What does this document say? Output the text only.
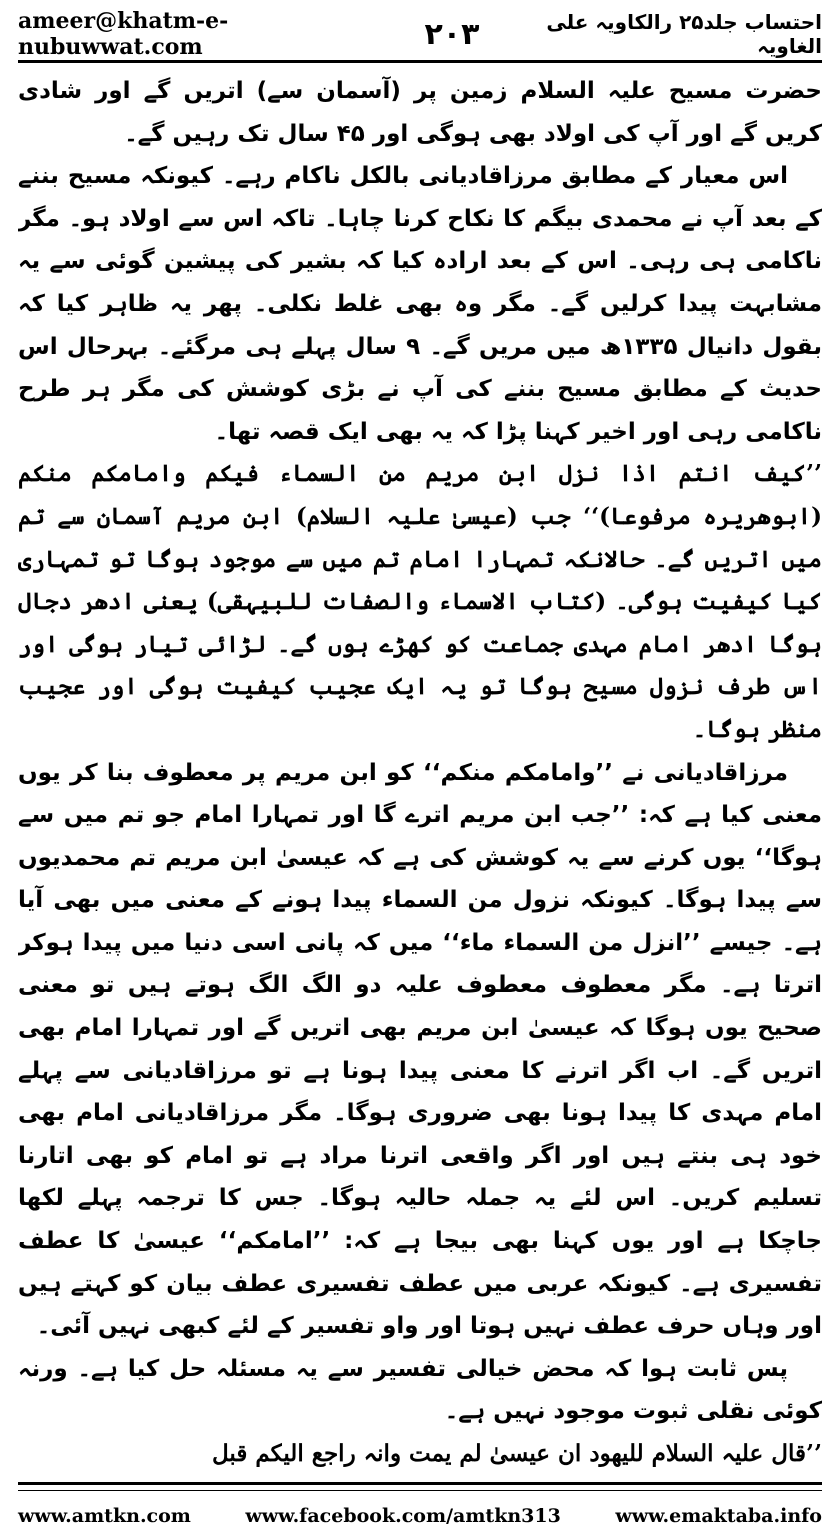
ameer@khatm-e-nubuwwat.com	۲۰۳	احتساب جلد۲۵ رالکاویہ علی الغاویہ

حضرت مسیح علیہ السلام زمین پر (آسمان سے) اتریں گے اور شادی کریں گے اور آپ کی اولاد بھی ہوگی اور ۴۵ سال تک رہیں گے۔

اس معیار کے مطابق مرزاقادیانی بالکل ناکام رہے۔ کیونکہ مسیح بننے کے بعد آپ نے محمدی بیگم کا نکاح کرنا چاہا۔ تاکہ اس سے اولاد ہو۔ مگر ناکامی ہی رہی۔ اس کے بعد ارادہ کیا کہ بشیر کی پیشین گوئی سے یہ مشابہت پیدا کرلیں گے۔ مگر وہ بھی غلط نکلی۔ پھر یہ ظاہر کیا کہ بقول دانیال ۱۳۳۵ھ میں مریں گے۔ ۹ سال پہلے ہی مرگئے۔ بہرحال اس حدیث کے مطابق مسیح بننے کی آپ نے بڑی کوشش کی مگر ہر طرح ناکامی رہی اور اخیر کہنا پڑا کہ یہ بھی ایک قصہ تھا۔

’’کیف انتم اذا نزل ابن مریم من السماء فیکم وامامکم منکم (ابوھریرہ مرفوعا)‘‘ جب (عیسیٰ علیہ السلام) ابن مریم آسمان سے تم میں اتریں گے۔ حالانکہ تمہارا امام تم میں سے موجود ہوگا تو تمہاری کیا کیفیت ہوگی۔ (کتاب الاسماء والصفات للبیہقی) یعنی ادھر دجال ہوگا ادھر امام مہدی جماعت کو کھڑے ہوں گے۔ لڑائی تیار ہوگی اور اس طرف نزول مسیح ہوگا تو یہ ایک عجیب کیفیت ہوگی اور عجیب منظر ہوگا۔

مرزاقادیانی نے ’’وامامکم منکم‘‘ کو ابن مریم پر معطوف بنا کر یوں معنی کیا ہے کہ: ’’جب ابن مریم اترے گا اور تمہارا امام جو تم میں سے ہوگا‘‘ یوں کرنے سے یہ کوشش کی ہے کہ عیسیٰ ابن مریم تم محمدیوں سے پیدا ہوگا۔ کیونکہ نزول من السماء پیدا ہونے کے معنی میں بھی آیا ہے۔ جیسے ’’انزل من السماء ماء‘‘ میں کہ پانی اسی دنیا میں پیدا ہوکر اترتا ہے۔ مگر معطوف معطوف علیہ دو الگ الگ ہوتے ہیں تو معنی صحیح یوں ہوگا کہ عیسیٰ ابن مریم بھی اتریں گے اور تمہارا امام بھی اتریں گے۔ اب اگر اترنے کا معنی پیدا ہونا ہے تو مرزاقادیانی سے پہلے امام مہدی کا پیدا ہونا بھی ضروری ہوگا۔ مگر مرزاقادیانی امام بھی خود ہی بنتے ہیں اور اگر واقعی اترنا مراد ہے تو امام کو بھی اتارنا تسلیم کریں۔ اس لئے یہ جملہ حالیہ ہوگا۔ جس کا ترجمہ پہلے لکھا جاچکا ہے اور یوں کہنا بھی بیجا ہے کہ: ’’امامکم‘‘ عیسیٰ کا عطف تفسیری ہے۔ کیونکہ عربی میں عطف تفسیری عطف بیان کو کہتے ہیں اور وہاں حرف عطف نہیں ہوتا اور واو تفسیر کے لئے کبھی نہیں آئی۔

پس ثابت ہوا کہ محض خیالی تفسیر سے یہ مسئلہ حل کیا ہے۔ ورنہ کوئی نقلی ثبوت موجود نہیں ہے۔

’’قال علیہ السلام للیھود ان عیسیٰ لم یمت وانہ راجع الیکم قبل

www.amtkn.com	www.facebook.com/amtkn313	www.emaktaba.info
